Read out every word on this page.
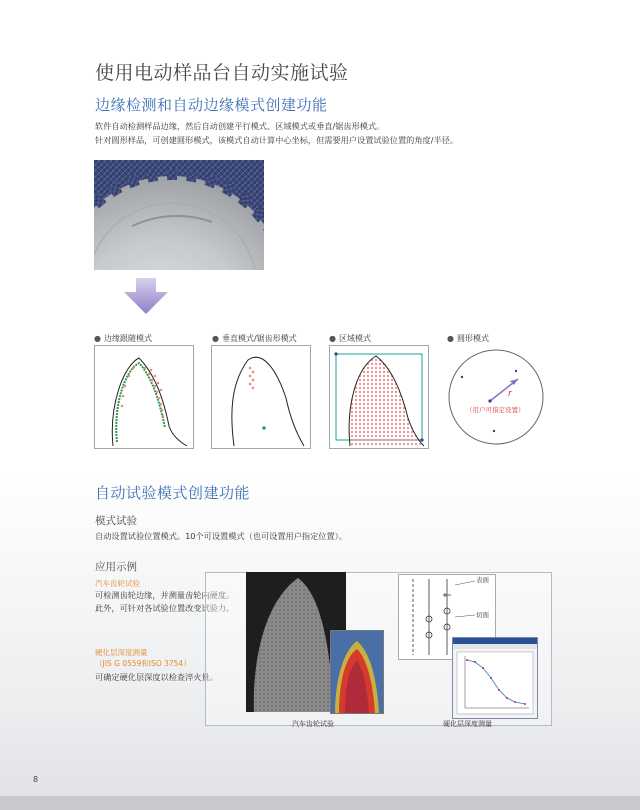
使用电动样品台自动实施试验
边缘检测和自动边缘模式创建功能
软件自动检测样品边缘，然后自动创建平行模式、区域模式或垂直/锯齿形模式。
针对圆形样品，可创建圆形模式，该模式自动计算中心坐标，但需要用户设置试验位置的角度/半径。
● 边缘跟随模式	● 垂直模式/锯齿形模式	● 区域模式	● 圆形模式
r
（用户可指定设置）
自动试验模式创建功能
模式试验
自动设置试验位置模式。10个可设置模式（也可设置用户指定位置）。
应用示例
汽车齿轮试验
可检测齿轮边缘，并测量齿轮内硬度。
此外，可针对各试验位置改变试验力。
硬化层深度测量
（JIS G 0559和ISO 3754）
可确定硬化层深度以检查淬火量。
表面
切面
汽车齿轮试验	硬化层深度测量
8
